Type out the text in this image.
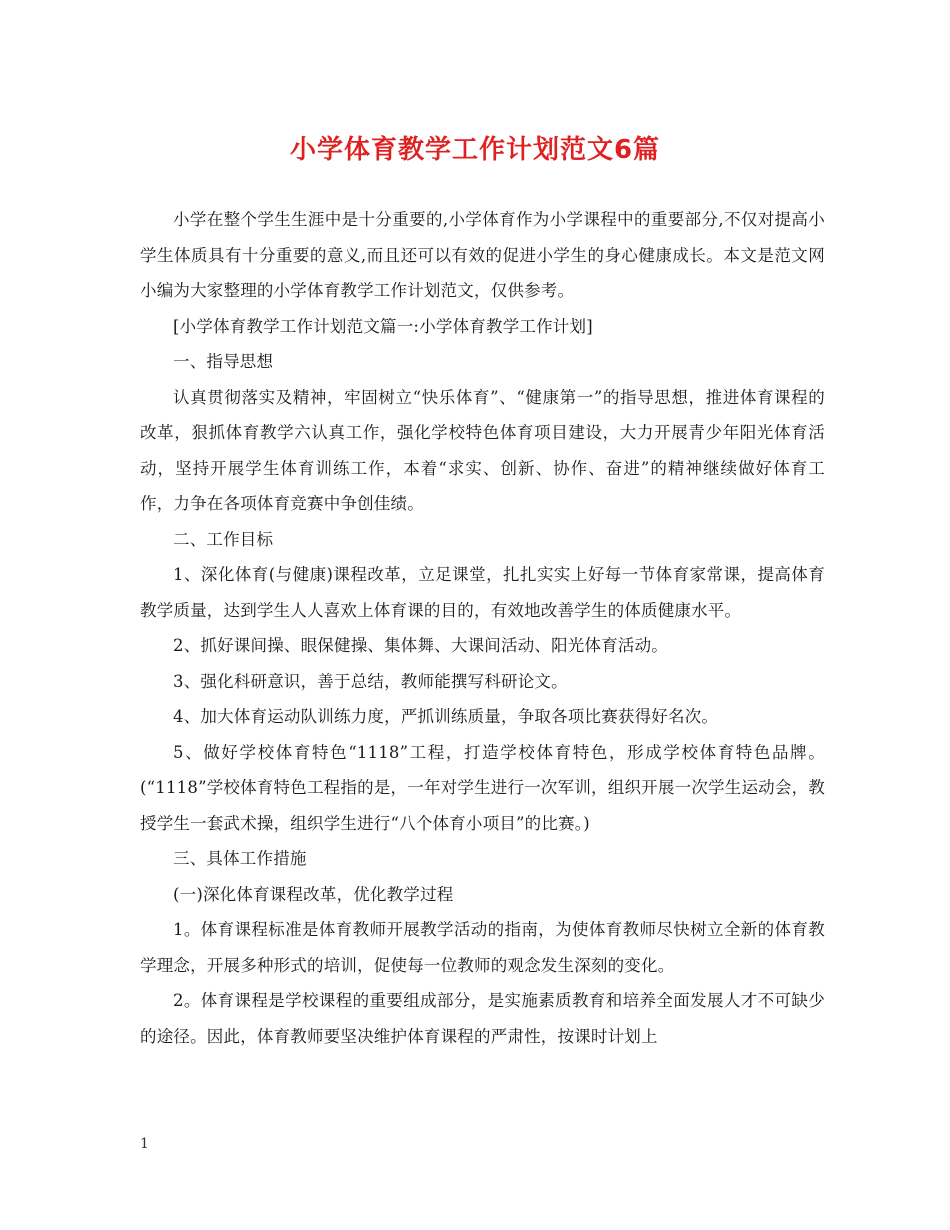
小学体育教学工作计划范文6篇

小学在整个学生生涯中是十分重要的,小学体育作为小学课程中的重要部分,不仅对提高小学生体质具有十分重要的意义,而且还可以有效的促进小学生的身心健康成长。本文是范文网小编为大家整理的小学体育教学工作计划范文，仅供参考。

[小学体育教学工作计划范文篇一:小学体育教学工作计划]

一、指导思想

认真贯彻落实及精神，牢固树立“快乐体育”、“健康第一”的指导思想，推进体育课程的改革，狠抓体育教学六认真工作，强化学校特色体育项目建设，大力开展青少年阳光体育活动，坚持开展学生体育训练工作，本着“求实、创新、协作、奋进”的精神继续做好体育工作，力争在各项体育竞赛中争创佳绩。

二、工作目标

1、深化体育(与健康)课程改革，立足课堂，扎扎实实上好每一节体育家常课，提高体育教学质量，达到学生人人喜欢上体育课的目的，有效地改善学生的体质健康水平。

2、抓好课间操、眼保健操、集体舞、大课间活动、阳光体育活动。

3、强化科研意识，善于总结，教师能撰写科研论文。

4、加大体育运动队训练力度，严抓训练质量，争取各项比赛获得好名次。

5、做好学校体育特色“1118”工程，打造学校体育特色，形成学校体育特色品牌。(“1118”学校体育特色工程指的是，一年对学生进行一次军训，组织开展一次学生运动会，教授学生一套武术操，组织学生进行“八个体育小项目”的比赛。)

三、具体工作措施

(一)深化体育课程改革，优化教学过程

1。体育课程标准是体育教师开展教学活动的指南，为使体育教师尽快树立全新的体育教学理念，开展多种形式的培训，促使每一位教师的观念发生深刻的变化。

2。体育课程是学校课程的重要组成部分，是实施素质教育和培养全面发展人才不可缺少的途径。因此，体育教师要坚决维护体育课程的严肃性，按课时计划上

1
